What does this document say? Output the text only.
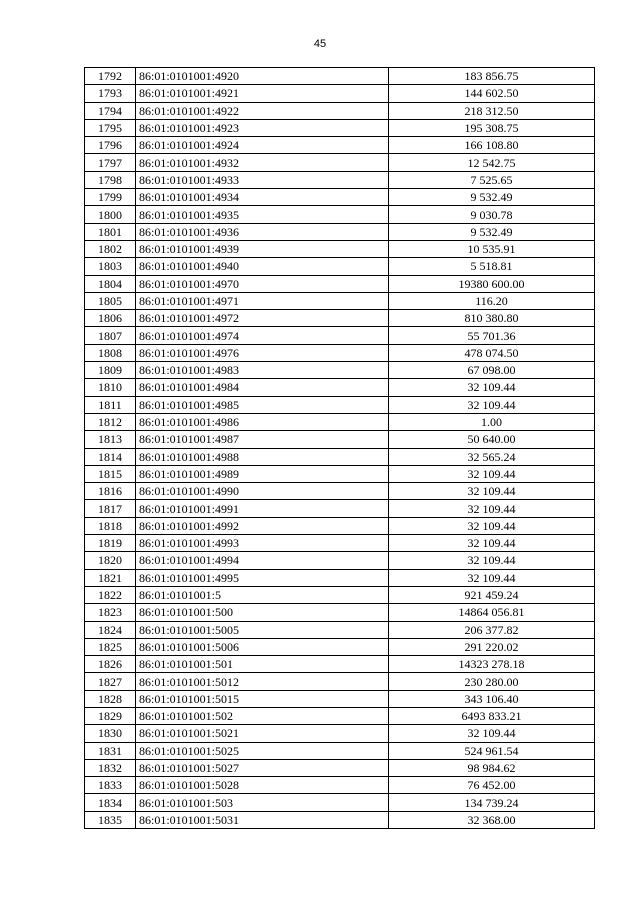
45
1792	86:01:0101001:4920	183 856.75
1793	86:01:0101001:4921	144 602.50
1794	86:01:0101001:4922	218 312.50
1795	86:01:0101001:4923	195 308.75
1796	86:01:0101001:4924	166 108.80
1797	86:01:0101001:4932	12 542.75
1798	86:01:0101001:4933	7 525.65
1799	86:01:0101001:4934	9 532.49
1800	86:01:0101001:4935	9 030.78
1801	86:01:0101001:4936	9 532.49
1802	86:01:0101001:4939	10 535.91
1803	86:01:0101001:4940	5 518.81
1804	86:01:0101001:4970	19380 600.00
1805	86:01:0101001:4971	116.20
1806	86:01:0101001:4972	810 380.80
1807	86:01:0101001:4974	55 701.36
1808	86:01:0101001:4976	478 074.50
1809	86:01:0101001:4983	67 098.00
1810	86:01:0101001:4984	32 109.44
1811	86:01:0101001:4985	32 109.44
1812	86:01:0101001:4986	1.00
1813	86:01:0101001:4987	50 640.00
1814	86:01:0101001:4988	32 565.24
1815	86:01:0101001:4989	32 109.44
1816	86:01:0101001:4990	32 109.44
1817	86:01:0101001:4991	32 109.44
1818	86:01:0101001:4992	32 109.44
1819	86:01:0101001:4993	32 109.44
1820	86:01:0101001:4994	32 109.44
1821	86:01:0101001:4995	32 109.44
1822	86:01:0101001:5	921 459.24
1823	86:01:0101001:500	14864 056.81
1824	86:01:0101001:5005	206 377.82
1825	86:01:0101001:5006	291 220.02
1826	86:01:0101001:501	14323 278.18
1827	86:01:0101001:5012	230 280.00
1828	86:01:0101001:5015	343 106.40
1829	86:01:0101001:502	6493 833.21
1830	86:01:0101001:5021	32 109.44
1831	86:01:0101001:5025	524 961.54
1832	86:01:0101001:5027	98 984.62
1833	86:01:0101001:5028	76 452.00
1834	86:01:0101001:503	134 739.24
1835	86:01:0101001:5031	32 368.00
